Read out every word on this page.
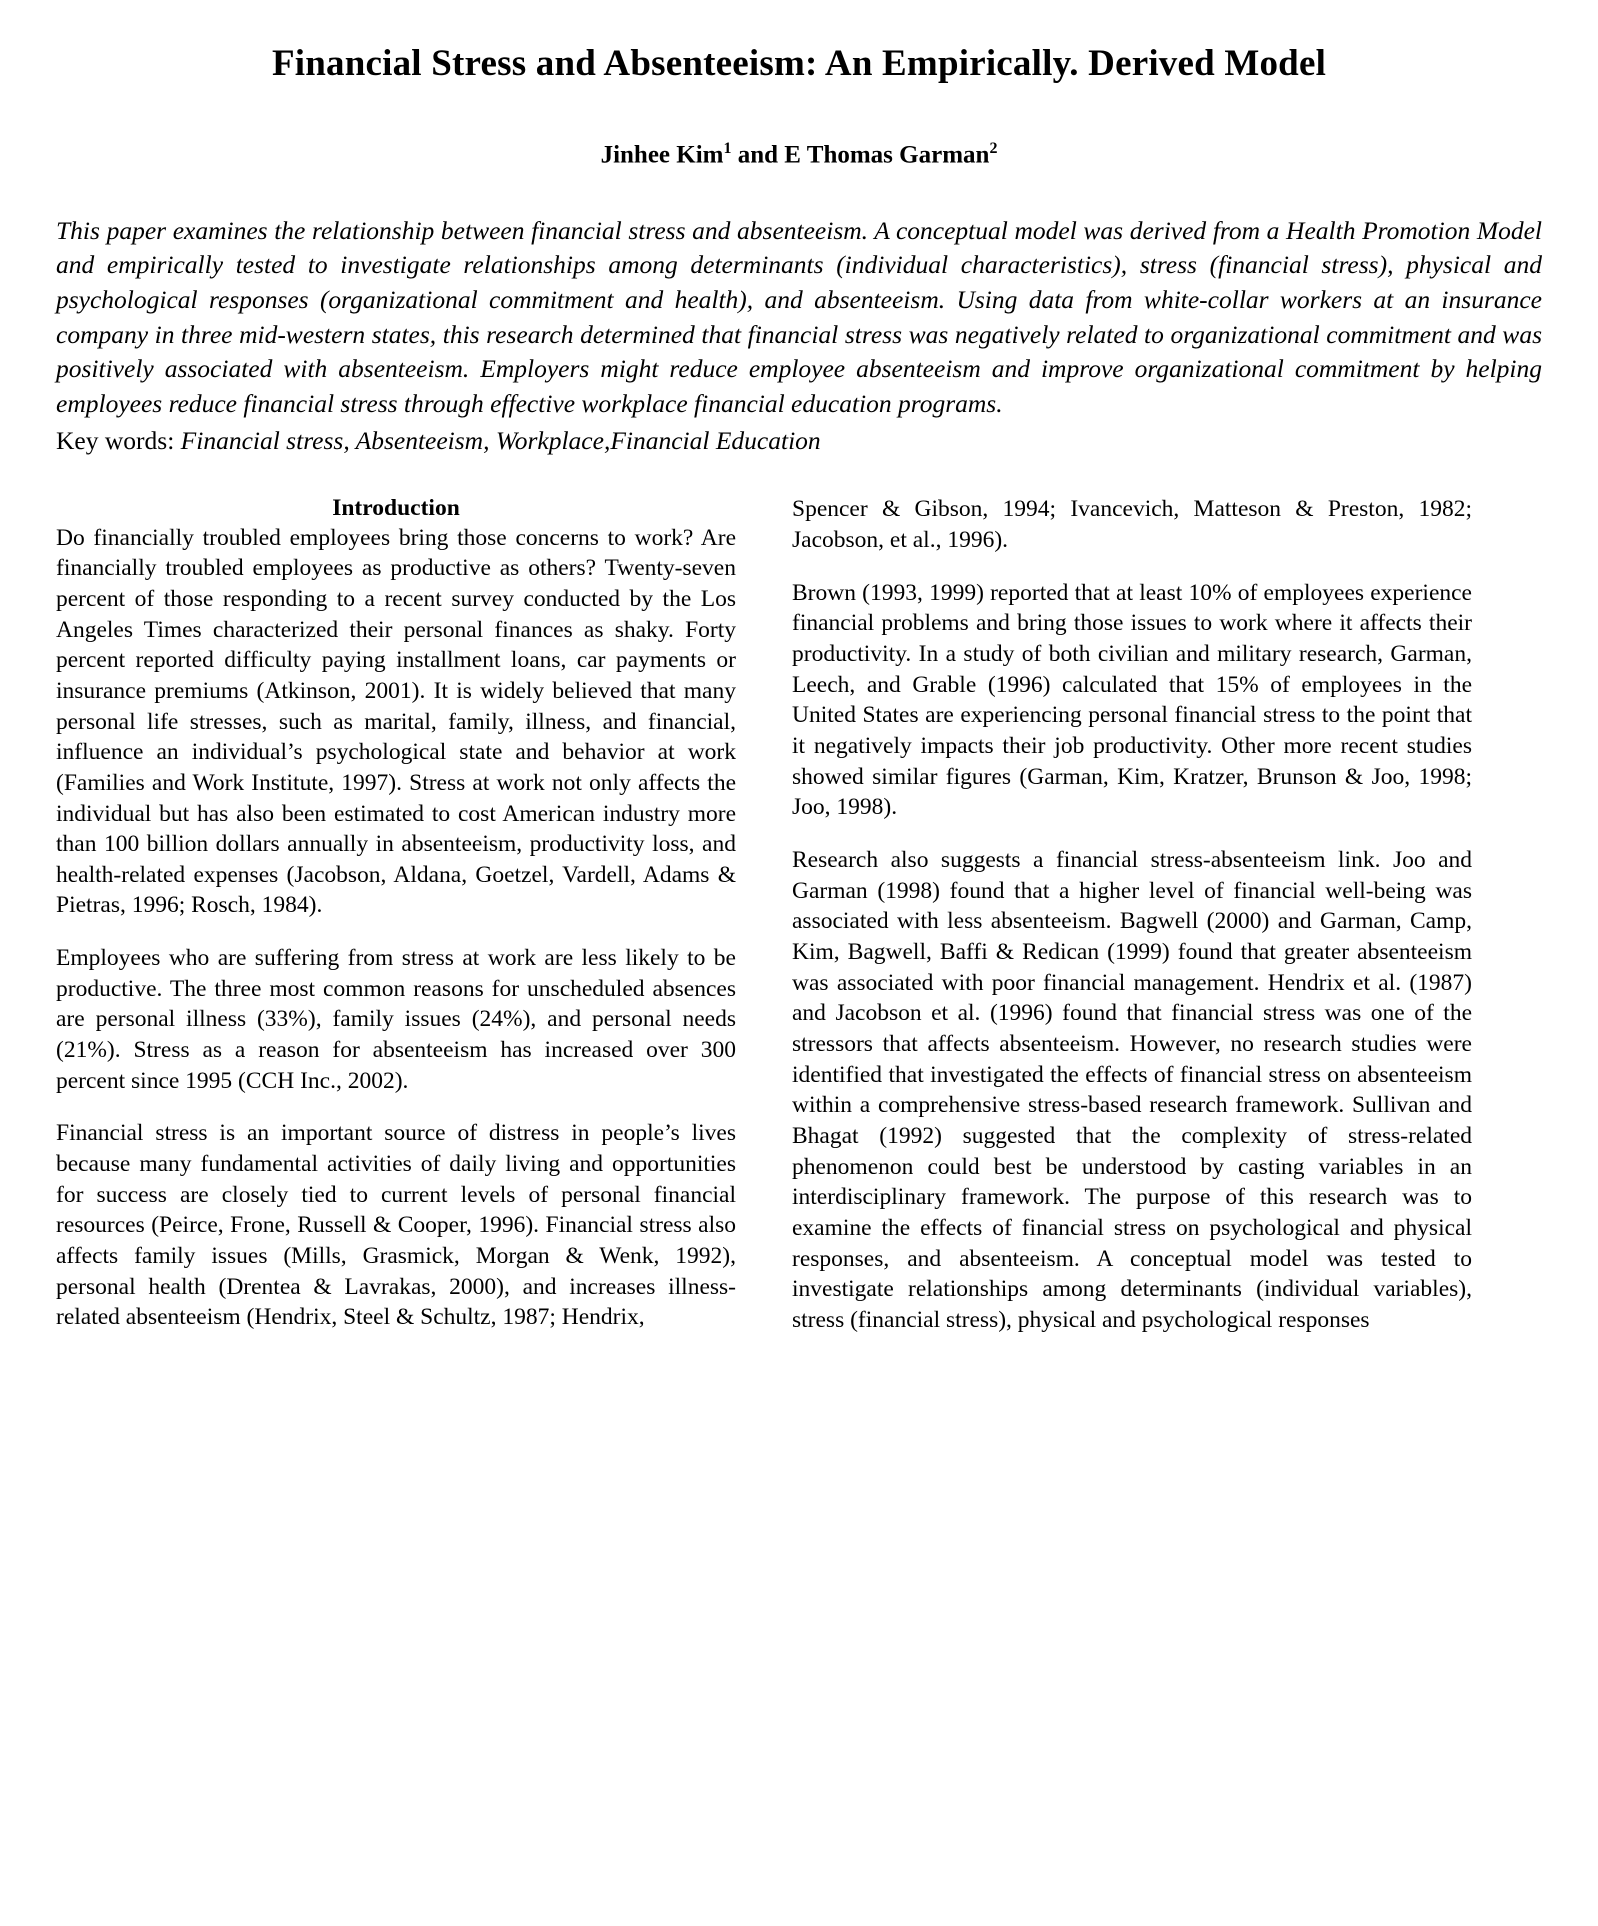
Financial Stress and Absenteeism: An Empirically. Derived Model
Jinhee Kim$^1$ and E Thomas Garman$^2$
This paper examines the relationship between financial stress and absenteeism. A conceptual model was derived from a Health Promotion Model and empirically tested to investigate relationships among determinants (individual characteristics), stress (financial stress), physical and psychological responses (organizational commitment and health), and absenteeism. Using data from white-collar workers at an insurance company in three mid-western states, this research determined that financial stress was negatively related to organizational commitment and was positively associated with absenteeism. Employers might reduce employee absenteeism and improve organizational commitment by helping employees reduce financial stress through effective workplace financial education programs.
Key words: Financial stress, Absenteeism, Workplace,Financial Education
Introduction

Do financially troubled employees bring those concerns to work? Are financially troubled employees as productive as others? Twenty-seven percent of those responding to a recent survey conducted by the Los Angeles Times characterized their personal finances as shaky. Forty percent reported difficulty paying installment loans, car payments or insurance premiums (Atkinson, 2001). It is widely believed that many personal life stresses, such as marital, family, illness, and financial, influence an individual’s psychological state and behavior at work (Families and Work Institute, 1997). Stress at work not only affects the individual but has also been estimated to cost American industry more than 100 billion dollars annually in absenteeism, productivity loss, and health-related expenses (Jacobson, Aldana, Goetzel, Vardell, Adams & Pietras, 1996; Rosch, 1984).

Employees who are suffering from stress at work are less likely to be productive. The three most common reasons for unscheduled absences are personal illness (33%), family issues (24%), and personal needs (21%). Stress as a reason for absenteeism has increased over 300 percent since 1995 (CCH Inc., 2002).

Financial stress is an important source of distress in people’s lives because many fundamental activities of daily living and opportunities for success are closely tied to current levels of personal financial resources (Peirce, Frone, Russell & Cooper, 1996). Financial stress also affects family issues (Mills, Grasmick, Morgan & Wenk, 1992), personal health (Drentea & Lavrakas, 2000), and increases illness-related absenteeism (Hendrix, Steel & Schultz, 1987; Hendrix,

Spencer & Gibson, 1994; Ivancevich, Matteson & Preston, 1982; Jacobson, et al., 1996).

Brown (1993, 1999) reported that at least 10% of employees experience financial problems and bring those issues to work where it affects their productivity. In a study of both civilian and military research, Garman, Leech, and Grable (1996) calculated that 15% of employees in the United States are experiencing personal financial stress to the point that it negatively impacts their job productivity. Other more recent studies showed similar figures (Garman, Kim, Kratzer, Brunson & Joo, 1998; Joo, 1998).

Research also suggests a financial stress-absenteeism link. Joo and Garman (1998) found that a higher level of financial well-being was associated with less absenteeism. Bagwell (2000) and Garman, Camp, Kim, Bagwell, Baffi & Redican (1999) found that greater absenteeism was associated with poor financial management. Hendrix et al. (1987) and Jacobson et al. (1996) found that financial stress was one of the stressors that affects absenteeism. However, no research studies were identified that investigated the effects of financial stress on absenteeism within a comprehensive stress-based research framework. Sullivan and Bhagat (1992) suggested that the complexity of stress-related phenomenon could best be understood by casting variables in an interdisciplinary framework. The purpose of this research was to examine the effects of financial stress on psychological and physical responses, and absenteeism. A conceptual model was tested to investigate relationships among determinants (individual variables), stress (financial stress), physical and psychological responses
